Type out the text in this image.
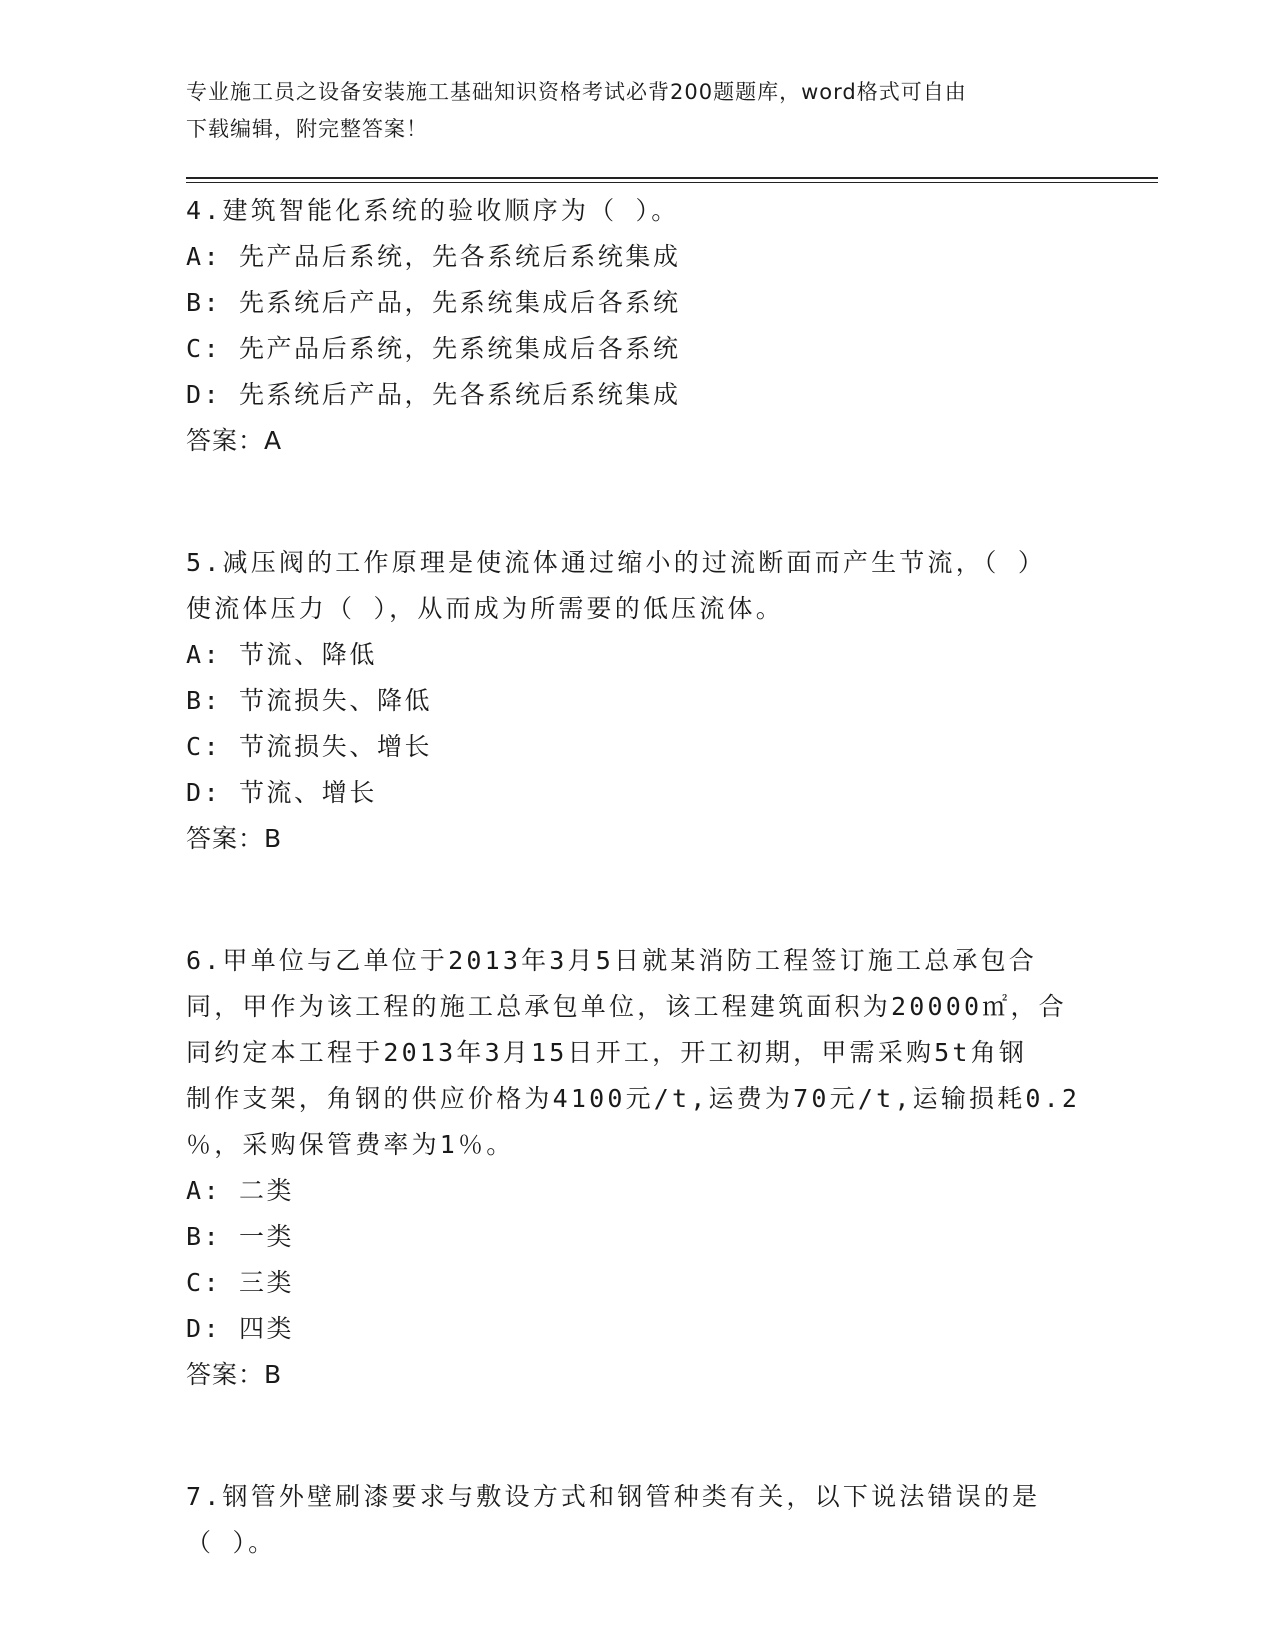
专业施工员之设备安装施工基础知识资格考试必背200题题库，word格式可自由
下载编辑，附完整答案！
4.建筑智能化系统的验收顺序为（ ）。
A: 先产品后系统，先各系统后系统集成
B: 先系统后产品，先系统集成后各系统
C: 先产品后系统，先系统集成后各系统
D: 先系统后产品，先各系统后系统集成
答案：A
5.减压阀的工作原理是使流体通过缩小的过流断面而产生节流，（ ）
使流体压力（ ），从而成为所需要的低压流体。
A: 节流、降低
B: 节流损失、降低
C: 节流损失、增长
D: 节流、增长
答案：B
6.甲单位与乙单位于2013年3月5日就某消防工程签订施工总承包合
同，甲作为该工程的施工总承包单位，该工程建筑面积为20000㎡，合
同约定本工程于2013年3月15日开工，开工初期，甲需采购5t角钢
制作支架，角钢的供应价格为4100元/t,运费为70元/t,运输损耗0.2
％，采购保管费率为1％。
A: 二类
B: 一类
C: 三类
D: 四类
答案：B
7.钢管外壁刷漆要求与敷设方式和钢管种类有关，以下说法错误的是
（ ）。
